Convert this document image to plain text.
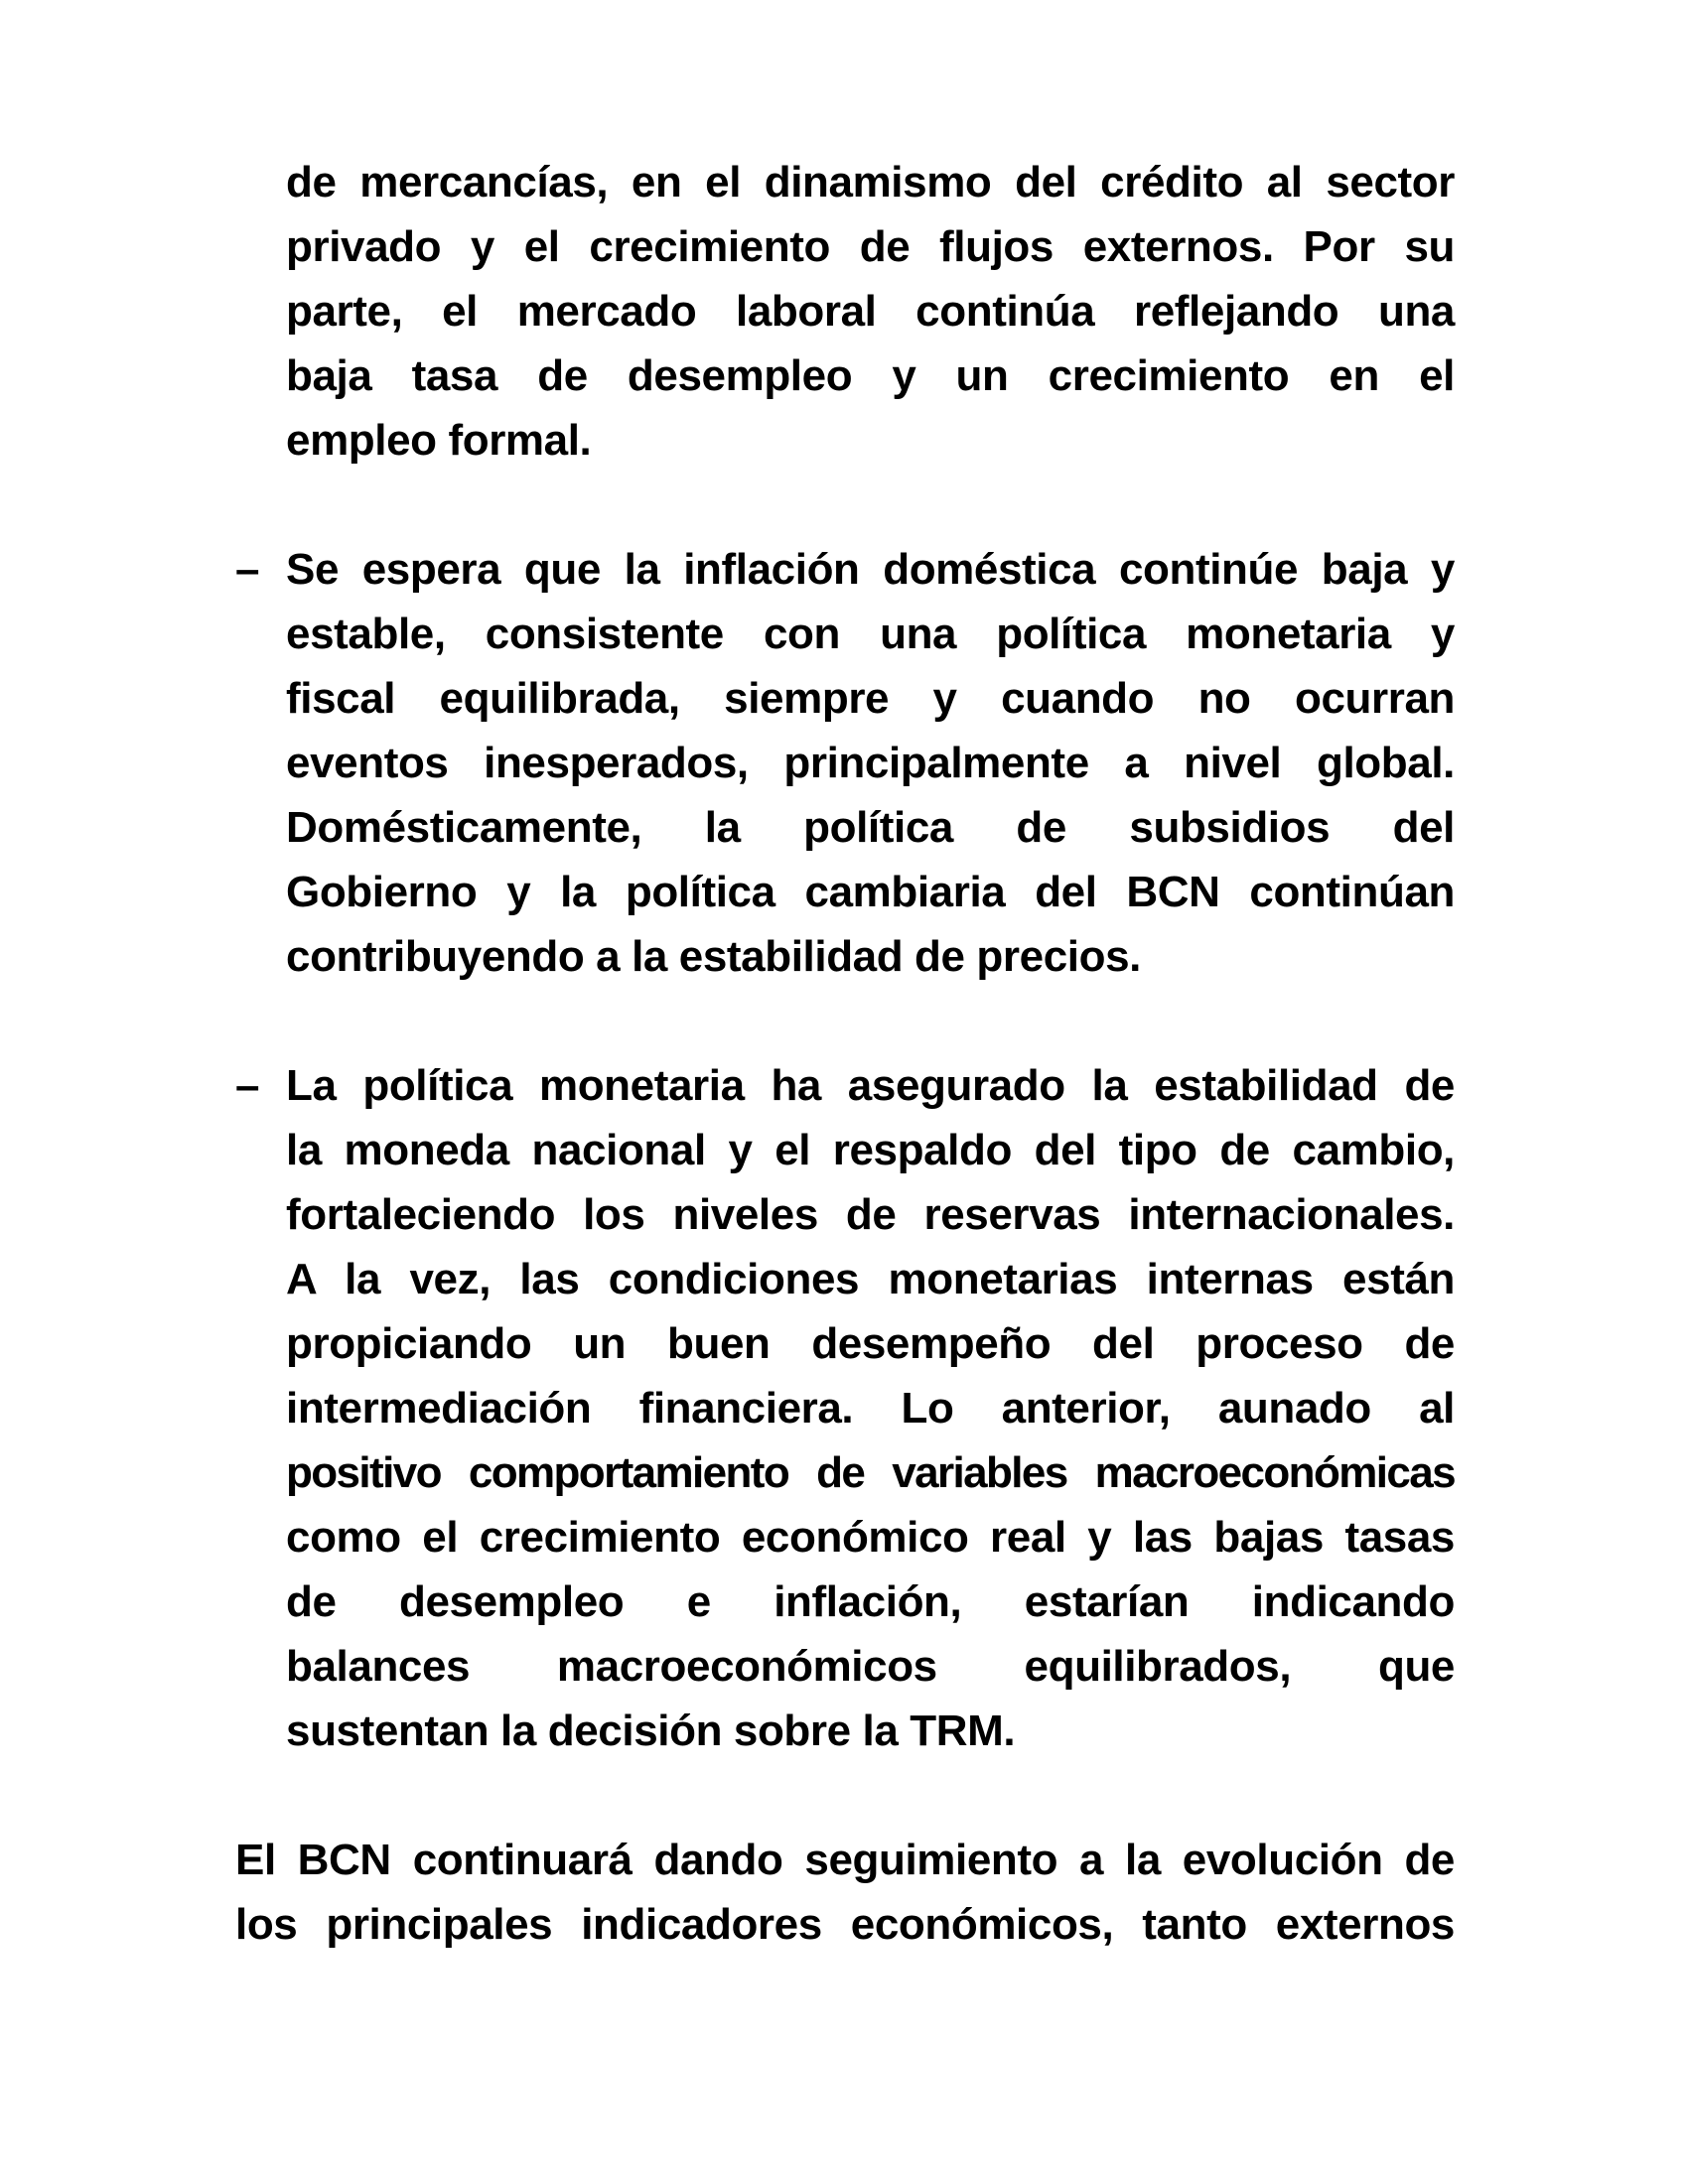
de mercancías, en el dinamismo del crédito al sector
privado y el crecimiento de flujos externos. Por su
parte, el mercado laboral continúa reflejando una
baja tasa de desempleo y un crecimiento en el
empleo formal.
– Se espera que la inflación doméstica continúe baja y
estable, consistente con una política monetaria y
fiscal equilibrada, siempre y cuando no ocurran
eventos inesperados, principalmente a nivel global.
Domésticamente, la política de subsidios del
Gobierno y la política cambiaria del BCN continúan
contribuyendo a la estabilidad de precios.
– La política monetaria ha asegurado la estabilidad de
la moneda nacional y el respaldo del tipo de cambio,
fortaleciendo los niveles de reservas internacionales.
A la vez, las condiciones monetarias internas están
propiciando un buen desempeño del proceso de
intermediación financiera. Lo anterior, aunado al
positivo comportamiento de variables macroeconómicas
como el crecimiento económico real y las bajas tasas
de desempleo e inflación, estarían indicando
balances macroeconómicos equilibrados, que
sustentan la decisión sobre la TRM.
El BCN continuará dando seguimiento a la evolución de
los principales indicadores económicos, tanto externos
